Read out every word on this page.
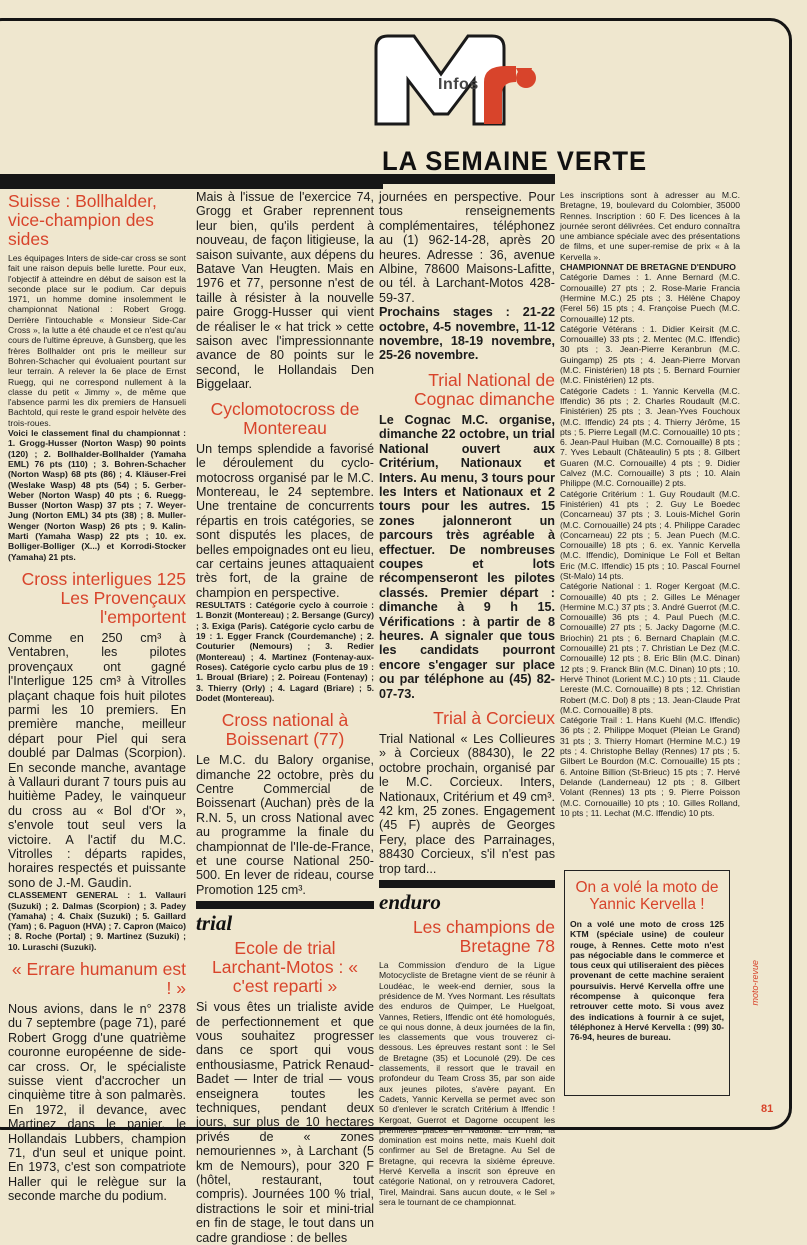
Infos
LA SEMAINE VERTE
Suisse : Bollhalder, vice-champion des sides
Les équipages Inters de side-car cross se sont fait une raison depuis belle lurette. Pour eux, l'objectif à atteindre en début de saison est la seconde place sur le podium. Car depuis 1971, un homme domine insolemment le championnat National : Robert Grogg. Derrière l'intouchable « Monsieur Side-Car Cross », la lutte a été chaude et ce n'est qu'au cours de l'ultime épreuve, à Gunsberg, que les frères Bollhalder ont pris le meilleur sur Bohren-Schacher qui évoluaient pourtant sur leur terrain. A relever la 6e place de Ernst Ruegg, qui ne correspond nullement à la classe du petit « Jimmy », de même que l'absence parmi les dix premiers de Hansueli Bachtold, qui reste le grand espoir helvète des trois-roues.
Voici le classement final du championnat : 1. Grogg-Husser (Norton Wasp) 90 points (120) ; 2. Bollhalder-Bollhalder (Yamaha EML) 76 pts (110) ; 3. Bohren-Schacher (Norton Wasp) 68 pts (86) ; 4. Kläuser-Frei (Weslake Wasp) 48 pts (54) ; 5. Gerber-Weber (Norton Wasp) 40 pts ; 6. Ruegg-Busser (Norton Wasp) 37 pts ; 7. Weyer-Jung (Norton EML) 34 pts (38) ; 8. Muller-Wenger (Norton Wasp) 26 pts ; 9. Kalin-Marti (Yamaha Wasp) 22 pts ; 10. ex. Bolliger-Bolliger (X...) et Korrodi-Stocker (Yamaha) 21 pts.
Cross interligues 125 Les Provençaux l'emportent
Comme en 250 cm³ à Ventabren, les pilotes provençaux ont gagné l'Interligue 125 cm³ à Vitrolles plaçant chaque fois huit pilotes parmi les 10 premiers. En première manche, meilleur départ pour Piel qui sera doublé par Dalmas (Scorpion). En seconde manche, avantage à Vallauri durant 7 tours puis au huitième Padey, le vainqueur du cross au « Bol d'Or », s'envole tout seul vers la victoire. A l'actif du M.C. Vitrolles : départs rapides, horaires respectés et puissante sono de J.-M. Gaudin.
CLASSEMENT GENERAL : 1. Vallauri (Suzuki) ; 2. Dalmas (Scorpion) ; 3. Padey (Yamaha) ; 4. Chaix (Suzuki) ; 5. Gaillard (Yam) ; 6. Paguon (HVA) ; 7. Capron (Maico) ; 8. Roche (Portal) ; 9. Martinez (Suzuki) ; 10. Luraschi (Suzuki).
« Errare humanum est ! »
Nous avions, dans le n° 2378 du 7 septembre (page 71), paré Robert Grogg d'une quatrième couronne européenne de side-car cross. Or, le spécialiste suisse vient d'accrocher un cinquième titre à son palmarès. En 1972, il devance, avec Martinez dans le panier, le Hollandais Lubbers, champion 71, d'un seul et unique point. En 1973, c'est son compatriote Haller qui le relègue sur la seconde marche du podium.
Mais à l'issue de l'exercice 74, Grogg et Graber reprennent leur bien, qu'ils perdent à nouveau, de façon litigieuse, la saison suivante, aux dépens du Batave Van Heugten. Mais en 1976 et 77, personne n'est de taille à résister à la nouvelle paire Grogg-Husser qui vient de réaliser le « hat trick » cette saison avec l'impressionnante avance de 80 points sur le second, le Hollandais Den Biggelaar.
Cyclomotocross de Montereau
Un temps splendide a favorisé le déroulement du cyclo-motocross organisé par le M.C. Montereau, le 24 septembre. Une trentaine de concurrents répartis en trois catégories, se sont disputés les places, de belles empoignades ont eu lieu, car certains jeunes attaquaient très fort, de la graine de champion en perspective.
RESULTATS : Catégorie cyclo à courroie : 1. Bonzit (Montereau) ; 2. Bersange (Gurcy) ; 3. Exiga (Paris). Catégorie cyclo carbu de 19 : 1. Egger Franck (Courdemanche) ; 2. Couturier (Nemours) ; 3. Redier (Montereau) ; 4. Martinez (Fontenay-aux-Roses). Catégorie cyclo carbu plus de 19 : 1. Broual (Briare) ; 2. Poireau (Fontenay) ; 3. Thierry (Orly) ; 4. Lagard (Briare) ; 5. Dodet (Montereau).
Cross national à Boissenart (77)
Le M.C. du Balory organise, dimanche 22 octobre, près du Centre Commercial de Boissenart (Auchan) près de la R.N. 5, un cross National avec au programme la finale du championnat de l'Ile-de-France, et une course National 250-500. En lever de rideau, course Promotion 125 cm³.
trial
Ecole de trial Larchant-Motos : « c'est reparti »
Si vous êtes un trialiste avide de perfectionnement et que vous souhaitez progresser dans ce sport qui vous enthousiasme, Patrick Renaud-Badet — Inter de trial — vous enseignera toutes les techniques, pendant deux jours, sur plus de 10 hectares privés de « zones nemouriennes », à Larchant (5 km de Nemours), pour 320 F (hôtel, restaurant, tout compris). Journées 100 % trial, distractions le soir et mini-trial en fin de stage, le tout dans un cadre grandiose : de belles
journées en perspective. Pour tous renseignements complémentaires, téléphonez au (1) 962-14-28, après 20 heures. Adresse : 36, avenue Albine, 78600 Maisons-Lafitte, ou tél. à Larchant-Motos 428-59-37.
Prochains stages : 21-22 octobre, 4-5 novembre, 11-12 novembre, 18-19 novembre, 25-26 novembre.
Trial National de Cognac dimanche
Le Cognac M.C. organise, dimanche 22 octobre, un trial National ouvert aux Critérium, Nationaux et Inters. Au menu, 3 tours pour les Inters et Nationaux et 2 tours pour les autres. 15 zones jalonneront un parcours très agréable à effectuer. De nombreuses coupes et lots récompenseront les pilotes classés. Premier départ : dimanche à 9 h 15. Vérifications : à partir de 8 heures. A signaler que tous les candidats pourront encore s'engager sur place ou par téléphone au (45) 82-07-73.
Trial à Corcieux
Trial National « Les Collieures » à Corcieux (88430), le 22 octobre prochain, organisé par le M.C. Corcieux. Inters, Nationaux, Critérium et 49 cm³. 42 km, 25 zones. Engagement (45 F) auprès de Georges Fery, place des Parrainages, 88430 Corcieux, s'il n'est pas trop tard...
enduro
Les champions de Bretagne 78
La Commission d'enduro de la Ligue Motocycliste de Bretagne vient de se réunir à Loudéac, le week-end dernier, sous la présidence de M. Yves Normant. Les résultats des enduros de Quimper, Le Huelgoat, Vannes, Retiers, Iffendic ont été homologués, ce qui nous donne, à deux journées de la fin, les classements que vous trouverez ci-dessous. Les épreuves restant sont : le Sel de Bretagne (35) et Locunolé (29). De ces classements, il ressort que le travail en profondeur du Team Cross 35, par son aide aux jeunes pilotes, s'avère payant. En Cadets, Yannic Kervella se permet avec son 50 d'enlever le scratch Critérium à Iffendic ! Kergoat, Guerrot et Dagorne occupent les premières places en National. En Trail, la domination est moins nette, mais Kuehl doit confirmer au Sel de Bretagne. Au Sel de Bretagne, qui recevra la sixième épreuve. Hervé Kervella a inscrit son épreuve en catégorie National, on y retrouvera Cadoret, Tirel, Maindrai. Sans aucun doute, « le Sel » sera le tournant de ce championnat.
Les inscriptions sont à adresser au M.C. Bretagne, 19, boulevard du Colombier, 35000 Rennes. Inscription : 60 F. Des licences à la journée seront délivrées. Cet enduro connaîtra une ambiance spéciale avec des présentations de films, et une super-remise de prix « à la Kervella ».
CHAMPIONNAT DE BRETAGNE D'ENDURO
Catégorie Dames : 1. Anne Bernard (M.C. Cornouaille) 27 pts ; 2. Rose-Marie Francia (Hermine M.C.) 25 pts ; 3. Hélène Chapoy (Ferel 56) 15 pts ; 4. Françoise Puech (M.C. Cornouaille) 12 pts.
Catégorie Vétérans : 1. Didier Keirsit (M.C. Cornouaille) 33 pts ; 2. Mentec (M.C. Iffendic) 30 pts ; 3. Jean-Pierre Keranbrun (M.C. Guingamp) 25 pts ; 4. Jean-Pierre Morvan (M.C. Finistérien) 18 pts ; 5. Bernard Fournier (M.C. Finistérien) 12 pts.
Catégorie Cadets : 1. Yannic Kervella (M.C. Iffendic) 36 pts ; 2. Charles Roudault (M.C. Finistérien) 25 pts ; 3. Jean-Yves Fouchoux (M.C. Iffendic) 24 pts ; 4. Thierry Jérôme, 15 pts ; 5. Pierre Legall (M.C. Cornouaille) 10 pts ; 6. Jean-Paul Huiban (M.C. Cornouaille) 8 pts ; 7. Yves Lebault (Châteaulin) 5 pts ; 8. Gilbert Guaren (M.C. Cornouaille) 4 pts ; 9. Didier Calvez (M.C. Cornouaille) 3 pts ; 10. Alain Philippe (M.C. Cornouaille) 2 pts.
Catégorie Critérium : 1. Guy Roudault (M.C. Finistérien) 41 pts ; 2. Guy Le Boedec (Concarneau) 37 pts ; 3. Louis-Michel Gorin (M.C. Cornouaille) 24 pts ; 4. Philippe Caradec (Concarneau) 22 pts ; 5. Jean Puech (M.C. Cornouaille) 18 pts ; 6. ex. Yannic Kervella (M.C. Iffendic), Dominique Le Foll et Beltan Eric (M.C. Iffendic) 15 pts ; 10. Pascal Fournel (St-Malo) 14 pts.
Catégorie National : 1. Roger Kergoat (M.C. Cornouaille) 40 pts ; 2. Gilles Le Ménager (Hermine M.C.) 37 pts ; 3. André Guerrot (M.C. Cornouaille) 36 pts ; 4. Paul Puech (M.C. Cornouaille) 27 pts ; 5. Jacky Dagorne (M.C. Briochin) 21 pts ; 6. Bernard Chaplain (M.C. Cornouaille) 21 pts ; 7. Christian Le Dez (M.C. Cornouaille) 12 pts ; 8. Eric Blin (M.C. Dinan) 12 pts ; 9. Franck Blin (M.C. Dinan) 10 pts ; 10. Hervé Thinot (Lorient M.C.) 10 pts ; 11. Claude Lereste (M.C. Cornouaille) 8 pts ; 12. Christian Robert (M.C. Dol) 8 pts ; 13. Jean-Claude Prat (M.C. Cornouaille) 8 pts.
Catégorie Trail : 1. Hans Kuehl (M.C. Iffendic) 36 pts ; 2. Philippe Moquet (Pleian Le Grand) 31 pts ; 3. Thierry Homart (Hermine M.C.) 19 pts ; 4. Christophe Bellay (Rennes) 17 pts ; 5. Gilbert Le Bourdon (M.C. Cornouaille) 15 pts ; 6. Antoine Billion (St-Brieuc) 15 pts ; 7. Hervé Delande (Landerneau) 12 pts ; 8. Gilbert Volant (Rennes) 13 pts ; 9. Pierre Poisson (M.C. Cornouaille) 10 pts ; 10. Gilles Rolland, 10 pts ; 11. Lechat (M.C. Iffendic) 10 pts.
On a volé la moto de Yannic Kervella !
On a volé une moto de cross 125 KTM (spéciale usine) de couleur rouge, à Rennes. Cette moto n'est pas négociable dans le commerce et tous ceux qui utiliseraient des pièces provenant de cette machine seraient poursuivis. Hervé Kervella offre une récompense à quiconque fera retrouver cette moto. Si vous avez des indications à fournir à ce sujet, téléphonez à Hervé Kervella : (99) 30-76-94, heures de bureau.
moto-revue
81
